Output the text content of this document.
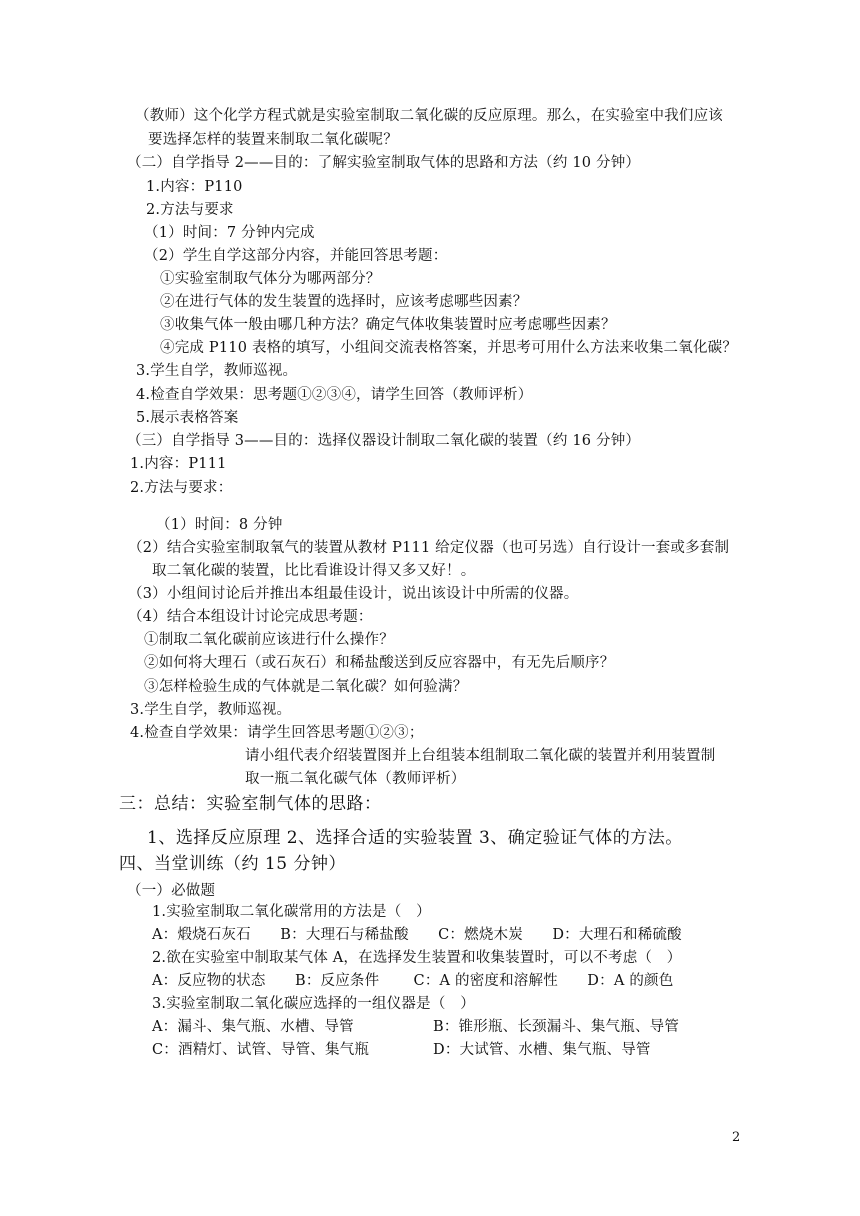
（教师）这个化学方程式就是实验室制取二氧化碳的反应原理。那么，在实验室中我们应该
要选择怎样的装置来制取二氧化碳呢？
（二）自学指导 2——目的：了解实验室制取气体的思路和方法（约 10 分钟）
1.内容：P110
2.方法与要求
（1）时间：7 分钟内完成
（2）学生自学这部分内容，并能回答思考题：
①实验室制取气体分为哪两部分？
②在进行气体的发生装置的选择时，应该考虑哪些因素？
③收集气体一般由哪几种方法？确定气体收集装置时应考虑哪些因素？
④完成 P110 表格的填写，小组间交流表格答案，并思考可用什么方法来收集二氧化碳？
3.学生自学，教师巡视。
4.检查自学效果：思考题①②③④，请学生回答（教师评析）
5.展示表格答案
（三）自学指导 3——目的：选择仪器设计制取二氧化碳的装置（约 16 分钟）
1.内容：P111
2.方法与要求：
（1）时间：8 分钟
（2）结合实验室制取氧气的装置从教材 P111 给定仪器（也可另选）自行设计一套或多套制
取二氧化碳的装置，比比看谁设计得又多又好！。
（3）小组间讨论后并推出本组最佳设计，说出该设计中所需的仪器。
（4）结合本组设计讨论完成思考题：
①制取二氧化碳前应该进行什么操作？
②如何将大理石（或石灰石）和稀盐酸送到反应容器中，有无先后顺序？
③怎样检验生成的气体就是二氧化碳？如何验满？
3.学生自学，教师巡视。
4.检查自学效果：请学生回答思考题①②③；
请小组代表介绍装置图并上台组装本组制取二氧化碳的装置并利用装置制
取一瓶二氧化碳气体（教师评析）
三：总结：实验室制气体的思路：
1、选择反应原理 2、选择合适的实验装置 3、确定验证气体的方法。
四、当堂训练（约 15 分钟）
（一）必做题
1.实验室制取二氧化碳常用的方法是（　）
A：煅烧石灰石　　B：大理石与稀盐酸　　C：燃烧木炭　　D：大理石和稀硫酸
2.欲在实验室中制取某气体 A，在选择发生装置和收集装置时，可以不考虑（　）
A：反应物的状态　　B：反应条件　　 C：A 的密度和溶解性　　D：A 的颜色
3.实验室制取二氧化碳应选择的一组仪器是（　）
A：漏斗、集气瓶、水槽、导管	B：锥形瓶、长颈漏斗、集气瓶、导管
C：酒精灯、试管、导管、集气瓶	D：大试管、水槽、集气瓶、导管
2
